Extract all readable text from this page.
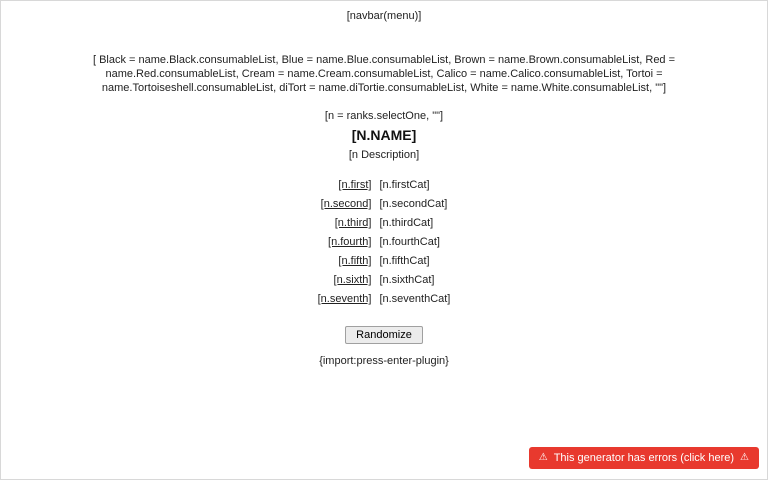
[navbar(menu)]
[ Black = name.Black.consumableList, Blue = name.Blue.consumableList, Brown = name.Brown.consumableList, Red = name.Red.consumableList, Cream = name.Cream.consumableList, Calico = name.Calico.consumableList, Tortoi = name.Tortoiseshell.consumableList, diTort = name.diTortie.consumableList, White = name.White.consumableList, ""]
[n = ranks.selectOne, ""]
[N.NAME]
[n Description]
[n.first]	[n.firstCat]
[n.second]	[n.secondCat]
[n.third]	[n.thirdCat]
[n.fourth]	[n.fourthCat]
[n.fifth]	[n.fifthCat]
[n.sixth]	[n.sixthCat]
[n.seventh]	[n.seventhCat]
Randomize
{import:press-enter-plugin}
⚠ This generator has errors (click here) ⚠
